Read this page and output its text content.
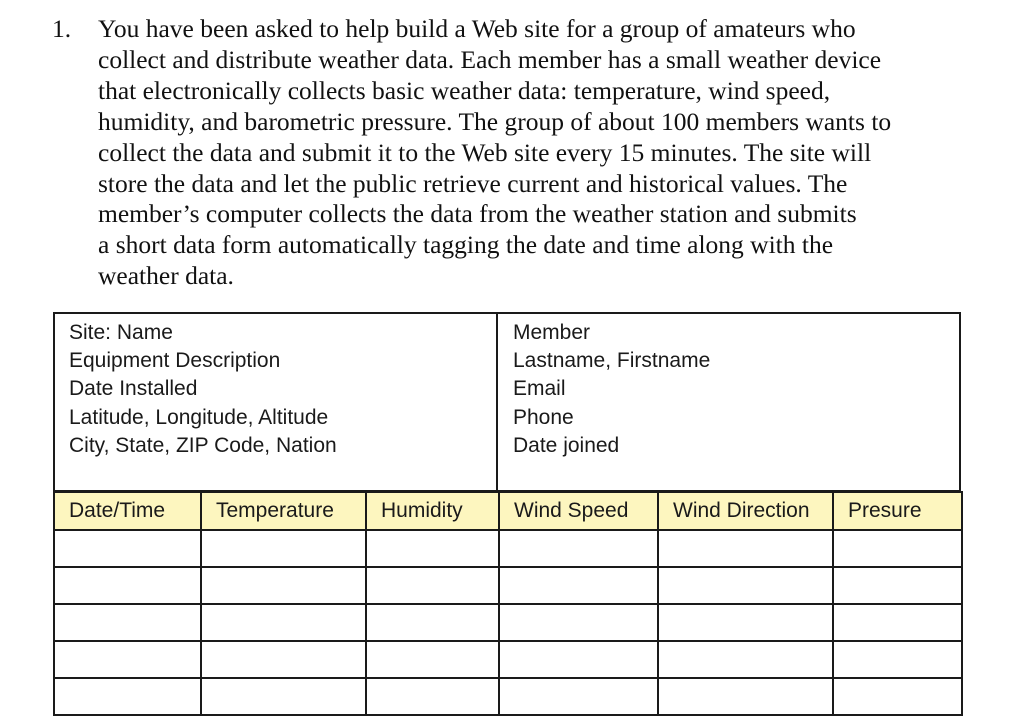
1. You have been asked to help build a Web site for a group of amateurs who
collect and distribute weather data. Each member has a small weather device
that electronically collects basic weather data: temperature, wind speed,
humidity, and barometric pressure. The group of about 100 members wants to
collect the data and submit it to the Web site every 15 minutes. The site will
store the data and let the public retrieve current and historical values. The
member’s computer collects the data from the weather station and submits
a short data form automatically tagging the date and time along with the
weather data.
Site: Name
Equipment Description
Date Installed
Latitude, Longitude, Altitude
City, State, ZIP Code, Nation
Member
Lastname, Firstname
Email
Phone
Date joined
Date/Time	Temperature	Humidity	Wind Speed	Wind Direction	Presure
